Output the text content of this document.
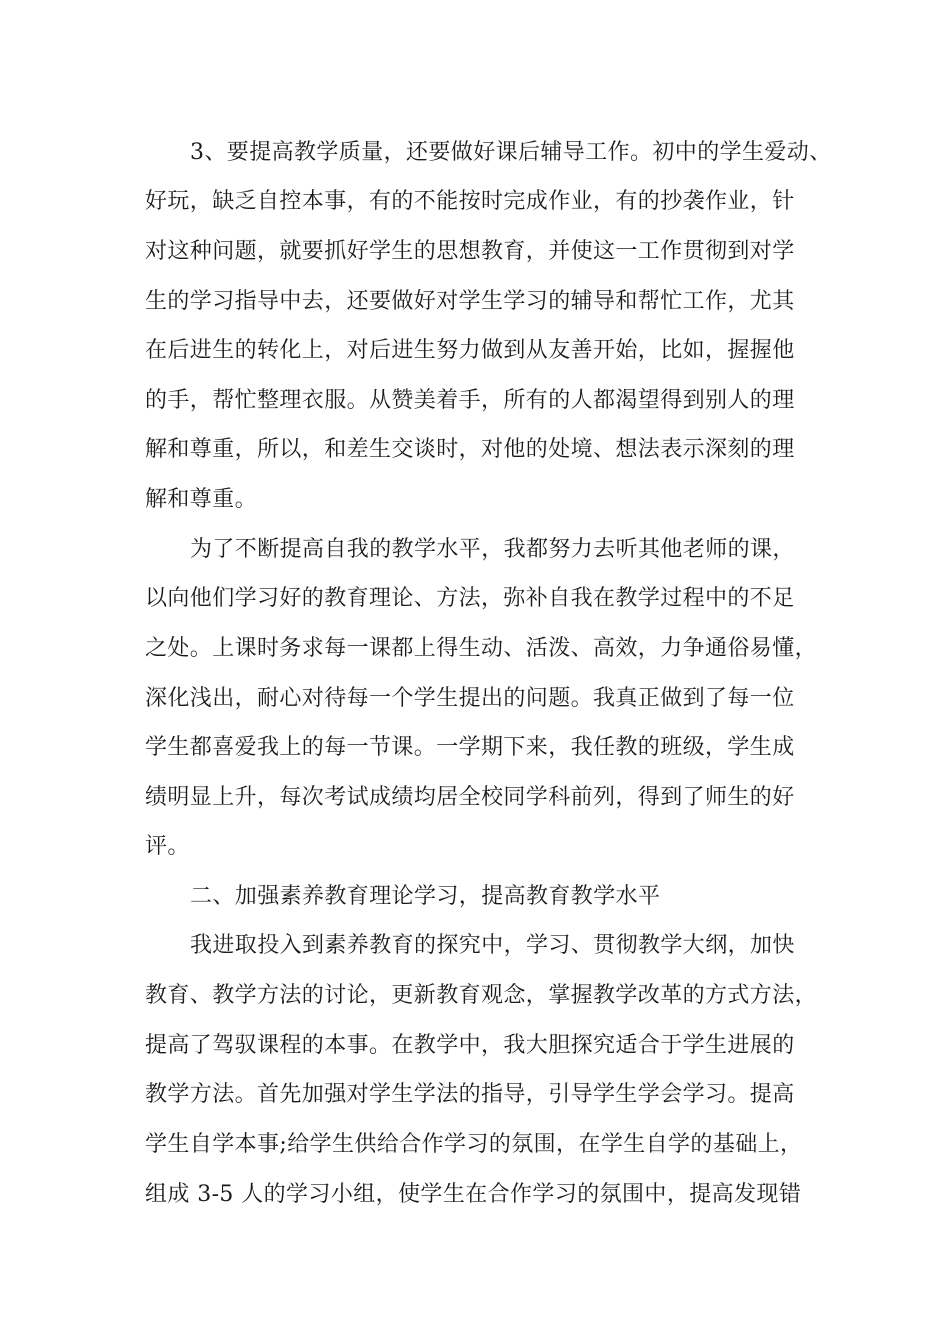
3、要提高教学质量，还要做好课后辅导工作。初中的学生爱动、
好玩，缺乏自控本事，有的不能按时完成作业，有的抄袭作业，针
对这种问题，就要抓好学生的思想教育，并使这一工作贯彻到对学
生的学习指导中去，还要做好对学生学习的辅导和帮忙工作，尤其
在后进生的转化上，对后进生努力做到从友善开始，比如，握握他
的手，帮忙整理衣服。从赞美着手，所有的人都渴望得到别人的理
解和尊重，所以，和差生交谈时，对他的处境、想法表示深刻的理
解和尊重。
为了不断提高自我的教学水平，我都努力去听其他老师的课，
以向他们学习好的教育理论、方法，弥补自我在教学过程中的不足
之处。上课时务求每一课都上得生动、活泼、高效，力争通俗易懂，
深化浅出，耐心对待每一个学生提出的问题。我真正做到了每一位
学生都喜爱我上的每一节课。一学期下来，我任教的班级，学生成
绩明显上升，每次考试成绩均居全校同学科前列，得到了师生的好
评。
二、加强素养教育理论学习，提高教育教学水平
我进取投入到素养教育的探究中，学习、贯彻教学大纲，加快
教育、教学方法的讨论，更新教育观念，掌握教学改革的方式方法，
提高了驾驭课程的本事。在教学中，我大胆探究适合于学生进展的
教学方法。首先加强对学生学法的指导，引导学生学会学习。提高
学生自学本事;给学生供给合作学习的氛围，在学生自学的基础上，
组成 3-5 人的学习小组，使学生在合作学习的氛围中，提高发现错
